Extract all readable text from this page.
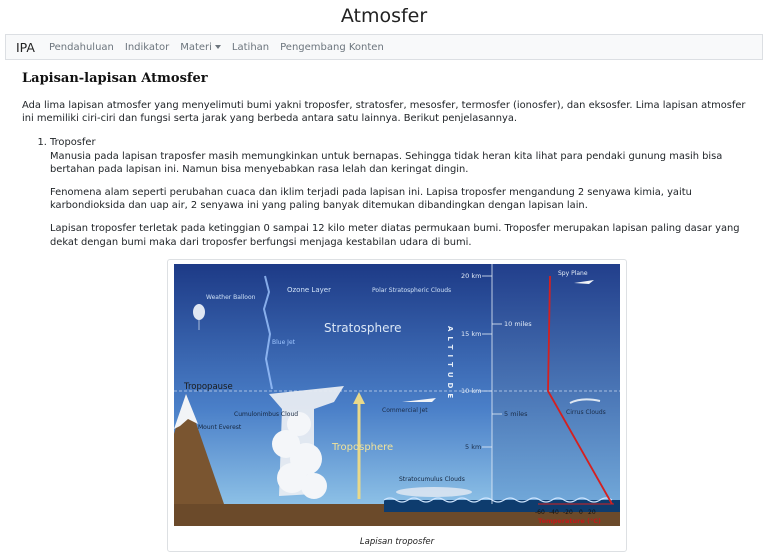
Atmosfer
IPA Pendahuluan Indikator Materi	Latihan Pengembang Konten
Lapisan-lapisan Atmosfer

Ada lima lapisan atmosfer yang menyelimuti bumi yakni troposfer, stratosfer, mesosfer, termosfer (ionosfer), dan eksosfer. Lima lapisan atmosfer ini memiliki ciri-ciri dan fungsi serta jarak yang berbeda antara satu lainnya. Berikut penjelasannya.

1. Troposfer

Manusia pada lapisan traposfer masih memungkinkan untuk bernapas. Sehingga tidak heran kita lihat para pendaki gunung masih bisa bertahan pada lapisan ini. Namun bisa menyebabkan rasa lelah dan keringat dingin.

Fenomena alam seperti perubahan cuaca dan iklim terjadi pada lapisan ini. Lapisa troposfer mengandung 2 senyawa kimia, yaitu karbondioksida dan uap air, 2 senyawa ini yang paling banyak ditemukan dibandingkan dengan lapisan lain.

Lapisan troposfer terletak pada ketinggian 0 sampai 12 kilo meter diatas permukaan bumi. Troposfer merupakan lapisan paling dasar yang dekat dengan bumi maka dari troposfer berfungsi menjaga kestabilan udara di bumi.

Ozone Layer	Polar Stratospheric Clouds
Weather Balloon
Stratosphere
Blue Jet
Tropopause
Troposphere
Cumulonimbus Cloud
Mount Everest
Commercial Jet
Stratocumulus Clouds
Spy Plane
Cirrus Clouds
20 km
15 km
10 km
5 km
10 miles
5 miles
ALTITUDE
-60 -40 -20 0 20
Temperature (°C)
Lapisan troposfer
